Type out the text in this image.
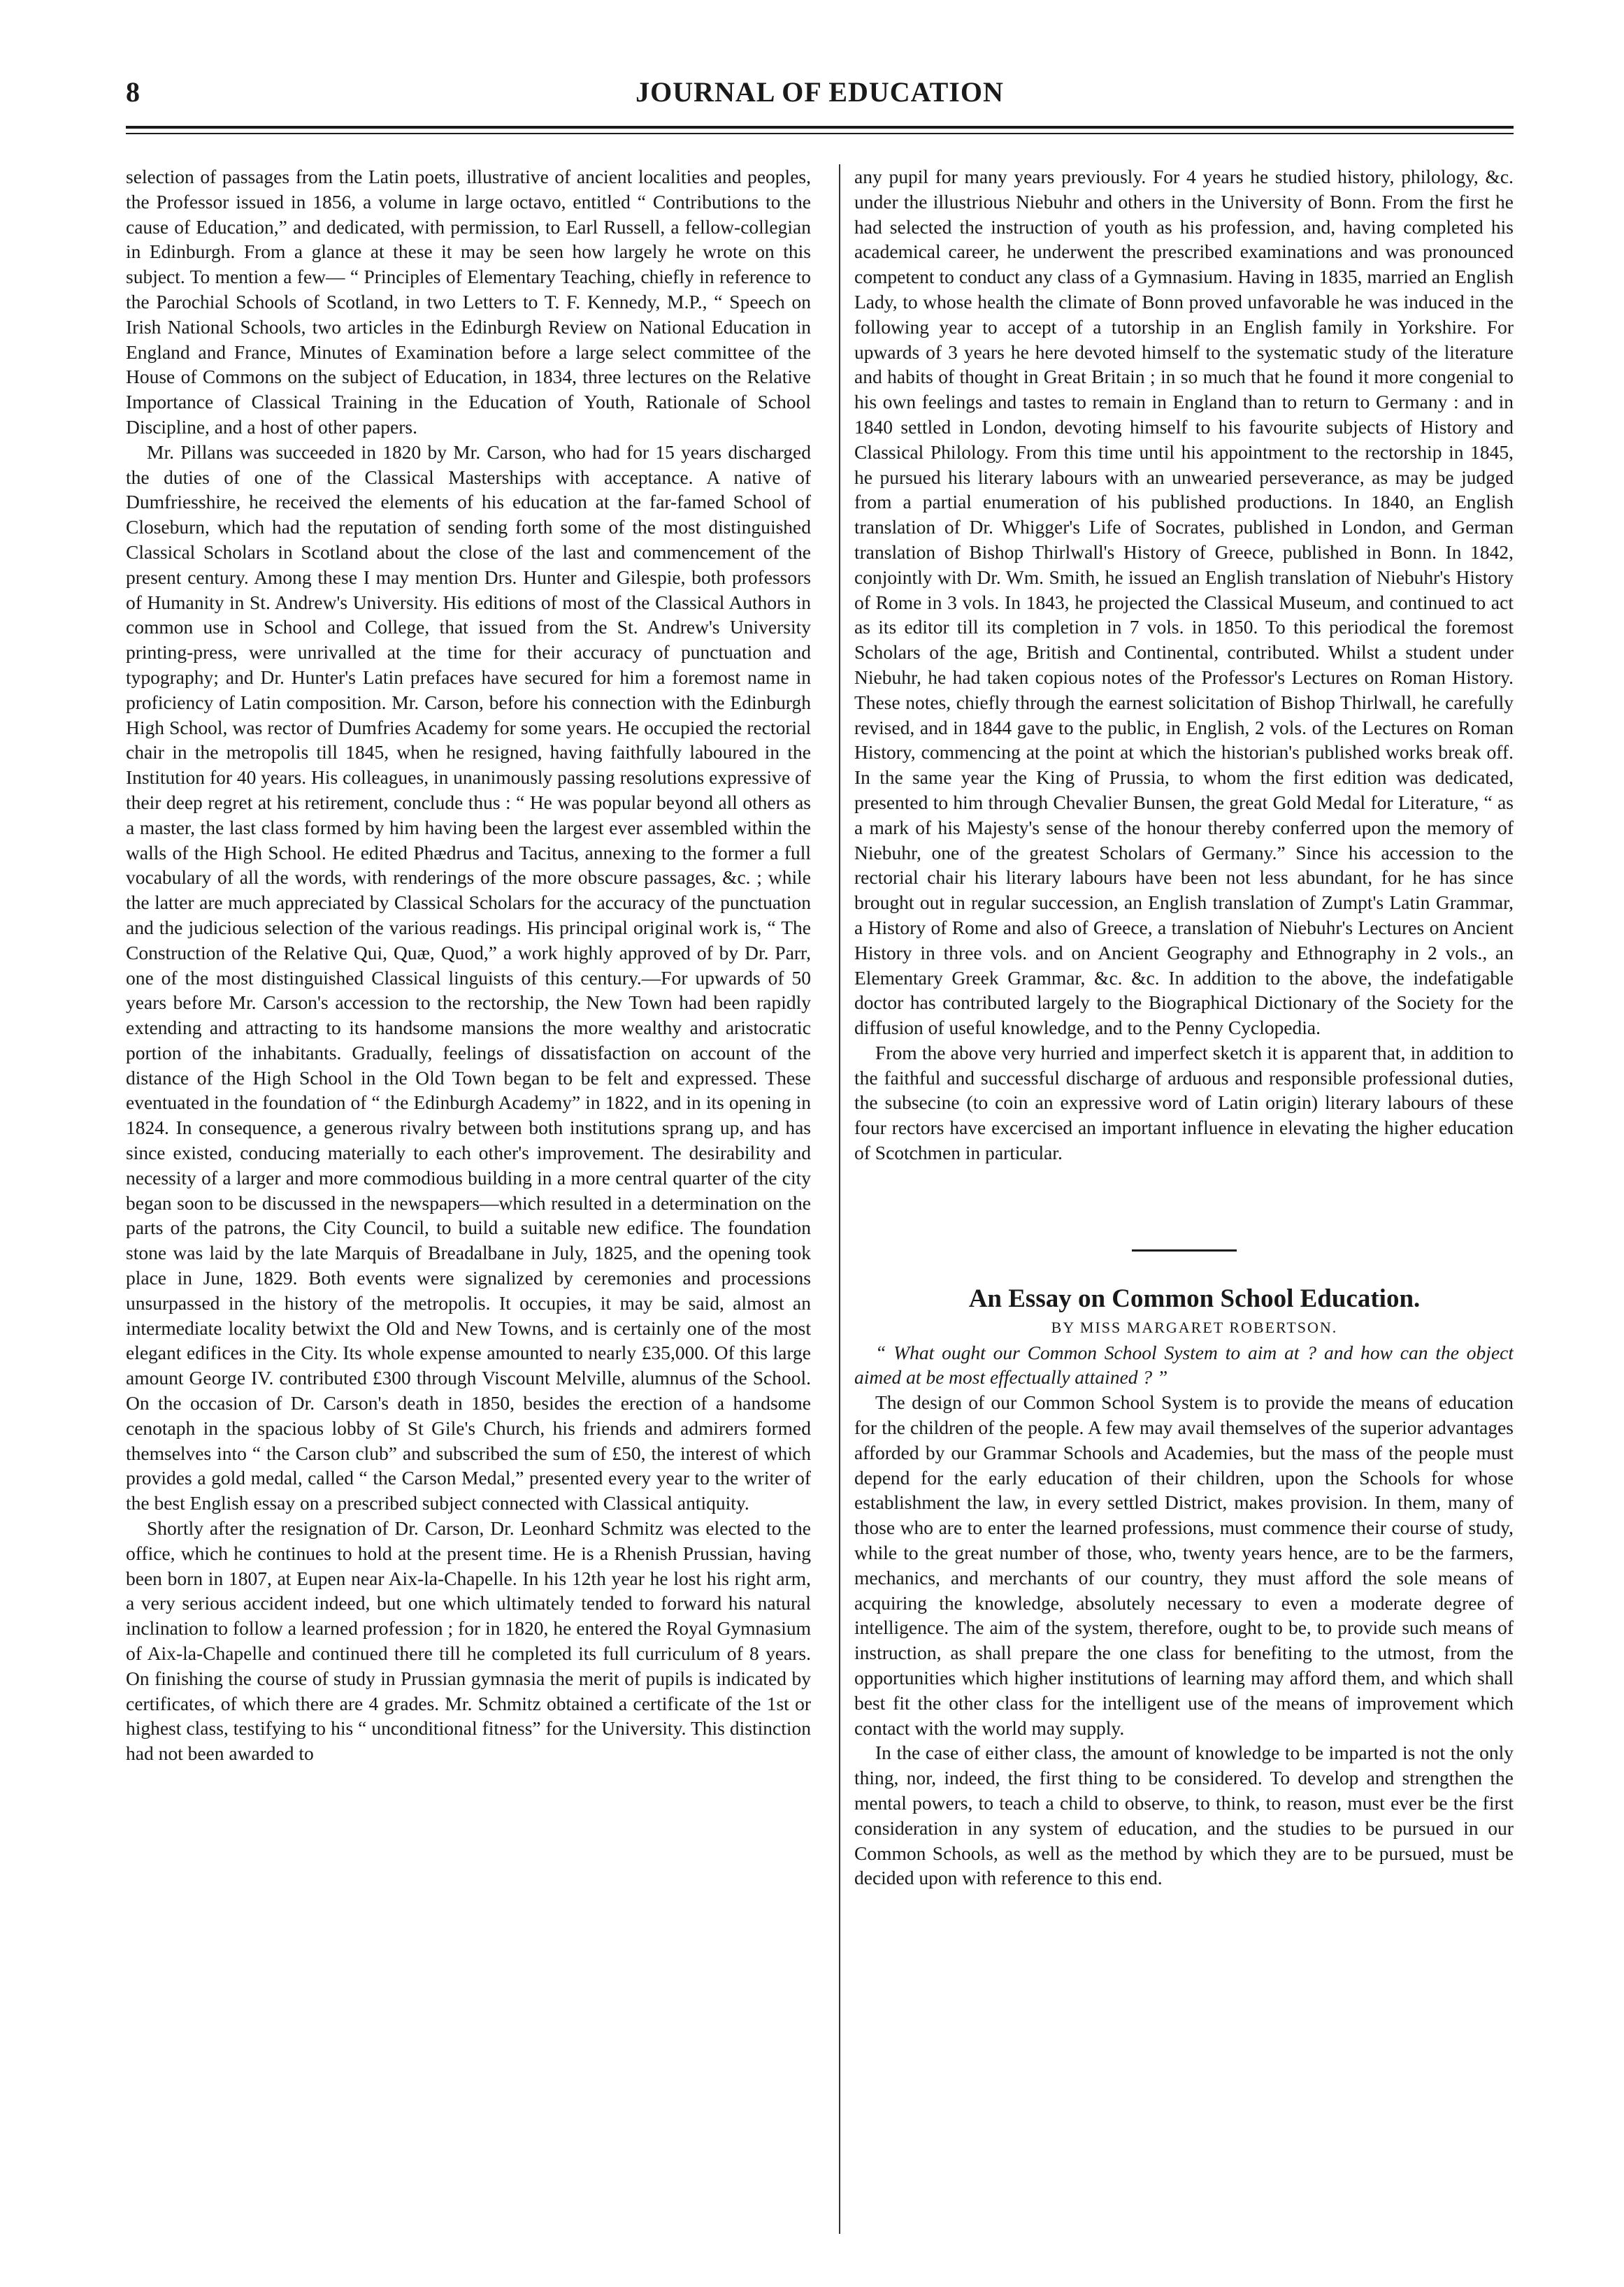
8	JOURNAL OF EDUCATION

selection of passages from the Latin poets, illustrative of ancient localities and peoples, the Professor issued in 1856, a volume in large octavo, entitled “ Contributions to the cause of Education,” and dedicated, with permission, to Earl Russell, a fellow-collegian in Edinburgh. From a glance at these it may be seen how largely he wrote on this subject. To mention a few— “ Principles of Elementary Teaching, chiefly in reference to the Parochial Schools of Scotland, in two Letters to T. F. Kennedy, M.P., “ Speech on Irish National Schools, two articles in the Edinburgh Review on National Education in England and France, Minutes of Examination before a large select committee of the House of Commons on the subject of Education, in 1834, three lectures on the Relative Importance of Classical Training in the Education of Youth, Rationale of School Discipline, and a host of other papers.

Mr. Pillans was succeeded in 1820 by Mr. Carson, who had for 15 years discharged the duties of one of the Classical Masterships with acceptance. A native of Dumfriesshire, he received the elements of his education at the far-famed School of Closeburn, which had the reputation of sending forth some of the most distinguished Classical Scholars in Scotland about the close of the last and commencement of the present century. Among these I may mention Drs. Hunter and Gilespie, both professors of Humanity in St. Andrew's University. His editions of most of the Classical Authors in common use in School and College, that issued from the St. Andrew's University printing-press, were unrivalled at the time for their accuracy of punctuation and typography; and Dr. Hunter's Latin prefaces have secured for him a foremost name in proficiency of Latin composition. Mr. Carson, before his connection with the Edinburgh High School, was rector of Dumfries Academy for some years. He occupied the rectorial chair in the metropolis till 1845, when he resigned, having faithfully laboured in the Institution for 40 years. His colleagues, in unanimously passing resolutions expressive of their deep regret at his retirement, conclude thus : “ He was popular beyond all others as a master, the last class formed by him having been the largest ever assembled within the walls of the High School. He edited Phædrus and Tacitus, annexing to the former a full vocabulary of all the words, with renderings of the more obscure passages, &c. ; while the latter are much appreciated by Classical Scholars for the accuracy of the punctuation and the judicious selection of the various readings. His principal original work is, “ The Construction of the Relative Qui, Quæ, Quod,” a work highly approved of by Dr. Parr, one of the most distinguished Classical linguists of this century.—For upwards of 50 years before Mr. Carson's accession to the rectorship, the New Town had been rapidly extending and attracting to its handsome mansions the more wealthy and aristocratic portion of the inhabitants. Gradually, feelings of dissatisfaction on account of the distance of the High School in the Old Town began to be felt and expressed. These eventuated in the foundation of “ the Edinburgh Academy” in 1822, and in its opening in 1824. In consequence, a generous rivalry between both institutions sprang up, and has since existed, conducing materially to each other's improvement. The desirability and necessity of a larger and more commodious building in a more central quarter of the city began soon to be discussed in the newspapers—which resulted in a determination on the parts of the patrons, the City Council, to build a suitable new edifice. The foundation stone was laid by the late Marquis of Breadalbane in July, 1825, and the opening took place in June, 1829. Both events were signalized by ceremonies and processions unsurpassed in the history of the metropolis. It occupies, it may be said, almost an intermediate locality betwixt the Old and New Towns, and is certainly one of the most elegant edifices in the City. Its whole expense amounted to nearly £35,000. Of this large amount George IV. contributed £300 through Viscount Melville, alumnus of the School. On the occasion of Dr. Carson's death in 1850, besides the erection of a handsome cenotaph in the spacious lobby of St Gile's Church, his friends and admirers formed themselves into “ the Carson club” and subscribed the sum of £50, the interest of which provides a gold medal, called “ the Carson Medal,” presented every year to the writer of the best English essay on a prescribed subject connected with Classical antiquity.

Shortly after the resignation of Dr. Carson, Dr. Leonhard Schmitz was elected to the office, which he continues to hold at the present time. He is a Rhenish Prussian, having been born in 1807, at Eupen near Aix-la-Chapelle. In his 12th year he lost his right arm, a very serious accident indeed, but one which ultimately tended to forward his natural inclination to follow a learned profession ; for in 1820, he entered the Royal Gymnasium of Aix-la-Chapelle and continued there till he completed its full curriculum of 8 years. On finishing the course of study in Prussian gymnasia the merit of pupils is indicated by certificates, of which there are 4 grades. Mr. Schmitz obtained a certificate of the 1st or highest class, testifying to his “ unconditional fitness” for the University. This distinction had not been awarded to

any pupil for many years previously. For 4 years he studied history, philology, &c. under the illustrious Niebuhr and others in the University of Bonn. From the first he had selected the instruction of youth as his profession, and, having completed his academical career, he underwent the prescribed examinations and was pronounced competent to conduct any class of a Gymnasium. Having in 1835, married an English Lady, to whose health the climate of Bonn proved unfavorable he was induced in the following year to accept of a tutorship in an English family in Yorkshire. For upwards of 3 years he here devoted himself to the systematic study of the literature and habits of thought in Great Britain ; in so much that he found it more congenial to his own feelings and tastes to remain in England than to return to Germany : and in 1840 settled in London, devoting himself to his favourite subjects of History and Classical Philology. From this time until his appointment to the rectorship in 1845, he pursued his literary labours with an unwearied perseverance, as may be judged from a partial enumeration of his published productions. In 1840, an English translation of Dr. Whigger's Life of Socrates, published in London, and German translation of Bishop Thirlwall's History of Greece, published in Bonn. In 1842, conjointly with Dr. Wm. Smith, he issued an English translation of Niebuhr's History of Rome in 3 vols. In 1843, he projected the Classical Museum, and continued to act as its editor till its completion in 7 vols. in 1850. To this periodical the foremost Scholars of the age, British and Continental, contributed. Whilst a student under Niebuhr, he had taken copious notes of the Professor's Lectures on Roman History. These notes, chiefly through the earnest solicitation of Bishop Thirlwall, he carefully revised, and in 1844 gave to the public, in English, 2 vols. of the Lectures on Roman History, commencing at the point at which the historian's published works break off. In the same year the King of Prussia, to whom the first edition was dedicated, presented to him through Chevalier Bunsen, the great Gold Medal for Literature, “ as a mark of his Majesty's sense of the honour thereby conferred upon the memory of Niebuhr, one of the greatest Scholars of Germany.” Since his accession to the rectorial chair his literary labours have been not less abundant, for he has since brought out in regular succession, an English translation of Zumpt's Latin Grammar, a History of Rome and also of Greece, a translation of Niebuhr's Lectures on Ancient History in three vols. and on Ancient Geography and Ethnography in 2 vols., an Elementary Greek Grammar, &c. &c. In addition to the above, the indefatigable doctor has contributed largely to the Biographical Dictionary of the Society for the diffusion of useful knowledge, and to the Penny Cyclopedia.

From the above very hurried and imperfect sketch it is apparent that, in addition to the faithful and successful discharge of arduous and responsible professional duties, the subsecine (to coin an expressive word of Latin origin) literary labours of these four rectors have excercised an important influence in elevating the higher education of Scotchmen in particular.

An Essay on Common School Education.

BY MISS MARGARET ROBERTSON.

“ What ought our Common School System to aim at ? and how can the object aimed at be most effectually attained ? ”

The design of our Common School System is to provide the means of education for the children of the people. A few may avail themselves of the superior advantages afforded by our Grammar Schools and Academies, but the mass of the people must depend for the early education of their children, upon the Schools for whose establishment the law, in every settled District, makes provision. In them, many of those who are to enter the learned professions, must commence their course of study, while to the great number of those, who, twenty years hence, are to be the farmers, mechanics, and merchants of our country, they must afford the sole means of acquiring the knowledge, absolutely necessary to even a moderate degree of intelligence. The aim of the system, therefore, ought to be, to provide such means of instruction, as shall prepare the one class for benefiting to the utmost, from the opportunities which higher institutions of learning may afford them, and which shall best fit the other class for the intelligent use of the means of improvement which contact with the world may supply.

In the case of either class, the amount of knowledge to be imparted is not the only thing, nor, indeed, the first thing to be considered. To develop and strengthen the mental powers, to teach a child to observe, to think, to reason, must ever be the first consideration in any system of education, and the studies to be pursued in our Common Schools, as well as the method by which they are to be pursued, must be decided upon with reference to this end.
